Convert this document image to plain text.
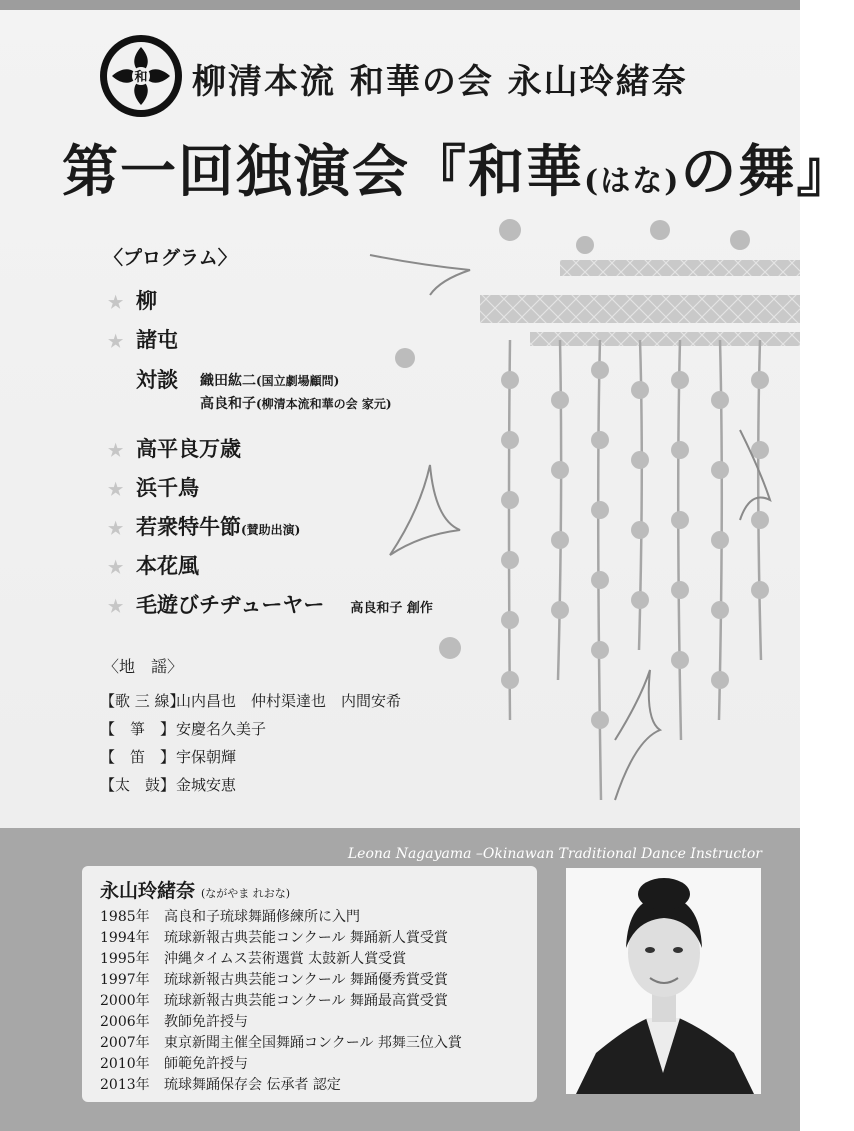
和 柳清本流 和華の会 永山玲緒奈
第一回独演会『和華(はな)の舞』
〈プログラム〉
★ 柳
★ 諸屯
対談 織田紘二(国立劇場顧問)
高良和子(柳清本流和華の会 家元)
★ 高平良万歳
★ 浜千鳥
★ 若衆特牛節(賛助出演)
★ 本花風
★ 毛遊びチヂューヤー 高良和子 創作
〈地　謡〉
【歌 三 線】山内昌也　仲村渠達也　内間安希
【　箏　】安慶名久美子
【　笛　】宇保朝輝
【太　鼓】金城安恵
Leona Nagayama –Okinawan Traditional Dance Instructor
永山玲緒奈 (ながやま れおな)
1985年 高良和子琉球舞踊修練所に入門
1994年 琉球新報古典芸能コンクール 舞踊新人賞受賞
1995年 沖縄タイムス芸術選賞 太鼓新人賞受賞
1997年 琉球新報古典芸能コンクール 舞踊優秀賞受賞
2000年 琉球新報古典芸能コンクール 舞踊最高賞受賞
2006年 教師免許授与
2007年 東京新聞主催全国舞踊コンクール 邦舞三位入賞
2010年 師範免許授与
2013年 琉球舞踊保存会 伝承者 認定
